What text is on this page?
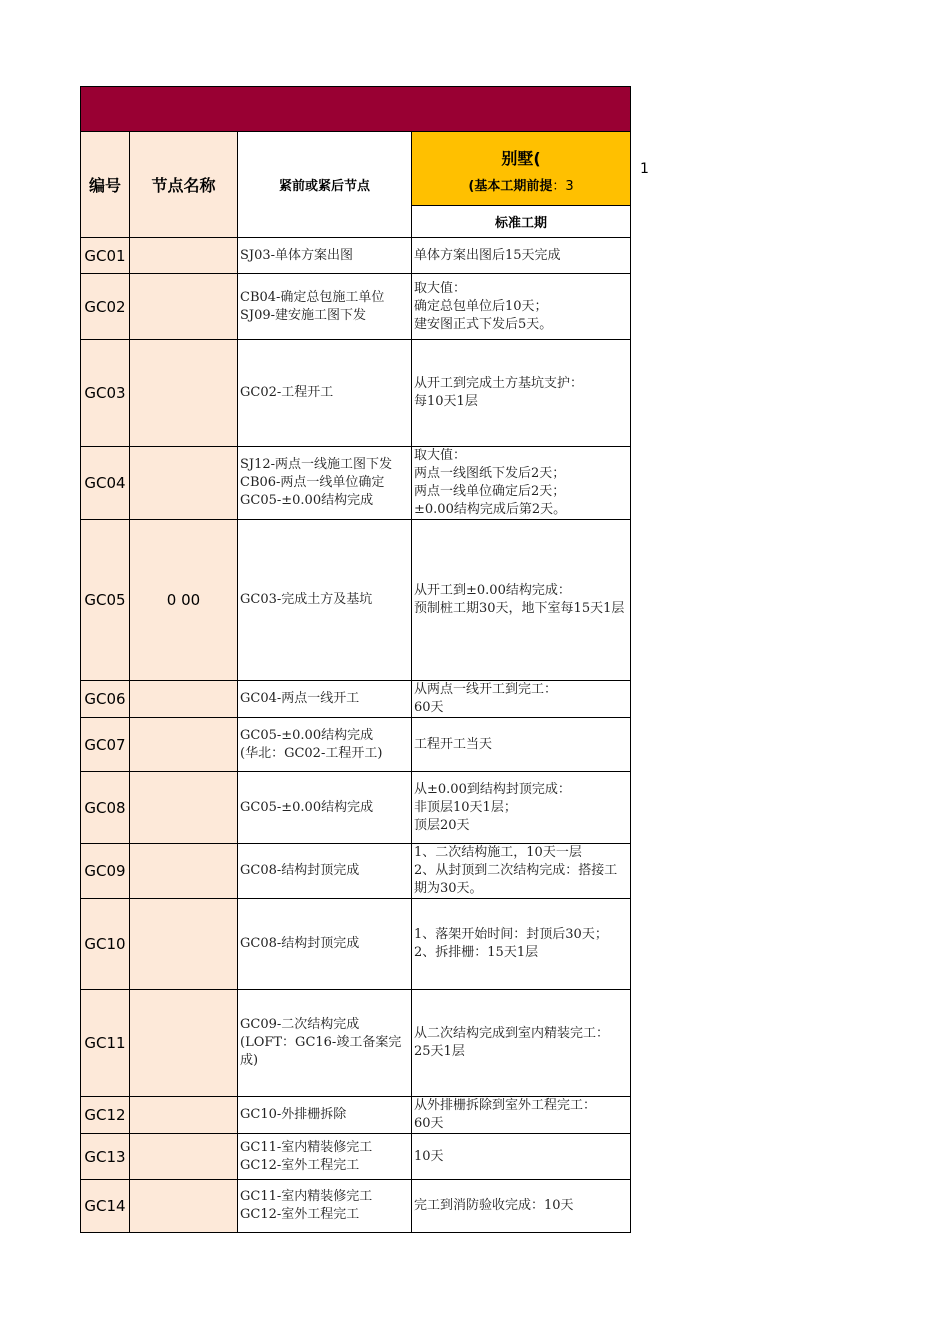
编号	节点名称	紧前或紧后节点	别墅(
(基本工期前提：3

			标准工期
GC01		SJ03-单体方案出图	单体方案出图后15天完成
GC02		CB04-确定总包施工单位
SJ09-建安施工图下发	取大值：
确定总包单位后10天；
建安图正式下发后5天。
GC03		GC02-工程开工	从开工到完成土方基坑支护：
每10天1层
GC04		SJ12-两点一线施工图下发
CB06-两点一线单位确定
GC05-±0.00结构完成	取大值：
两点一线图纸下发后2天；
两点一线单位确定后2天；
±0.00结构完成后第2天。
GC05	0 00	GC03-完成土方及基坑	从开工到±0.00结构完成：
预制桩工期30天，地下室每15天1层
GC06		GC04-两点一线开工	从两点一线开工到完工：
60天
GC07		GC05-±0.00结构完成
(华北：GC02-工程开工)	工程开工当天
GC08		GC05-±0.00结构完成	从±0.00到结构封顶完成：
非顶层10天1层；
顶层20天
GC09		GC08-结构封顶完成	1、二次结构施工，10天一层
2、从封顶到二次结构完成：搭接工期为30天。
GC10		GC08-结构封顶完成	1、落架开始时间：封顶后30天；
2、拆排栅：15天1层
GC11		GC09-二次结构完成
(LOFT：GC16-竣工备案完成)	从二次结构完成到室内精装完工：
25天1层
GC12		GC10-外排栅拆除	从外排栅拆除到室外工程完工：
60天
GC13		GC11-室内精装修完工
GC12-室外工程完工	10天
GC14		GC11-室内精装修完工
GC12-室外工程完工	完工到消防验收完成：10天
1
